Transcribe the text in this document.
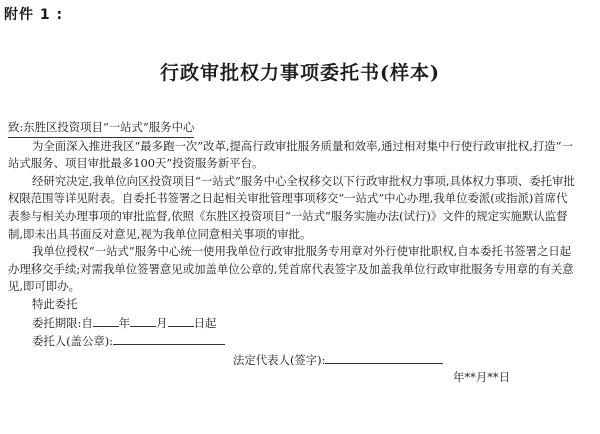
附件 1 :
行政审批权力事项委托书(样本)

致:东胜区投资项目“一站式”服务中心

为全面深入推进我区“最多跑一次”改革,提高行政审批服务质量和效率,通过相对集中行使行政审批权,打造“一站式服务、项目审批最多100天”投资服务新平台。

经研究决定,我单位向区投资项目“一站式”服务中心全权移交以下行政审批权力事项,具体权力事项、委托审批权限范围等详见附表。自委托书签署之日起相关审批管理事项移交“一站式”中心办理,我单位委派(或指派)首席代表参与相关办理事项的审批监督,依照《东胜区投资项目“一站式”服务实施办法(试行)》文件的规定实施默认监督制,即未出具书面反对意见,视为我单位同意相关事项的审批。

我单位授权“一站式”服务中心统一使用我单位行政审批服务专用章对外行使审批职权,自本委托书签署之日起办理移交手续;对需我单位签署意见或加盖单位公章的,凭首席代表签字及加盖我单位行政审批服务专用章的有关意见,即可即办。

特此委托

委托期限:自 年 月 日起

委托人(盖公章):

法定代表人(签字):

年**月**日
